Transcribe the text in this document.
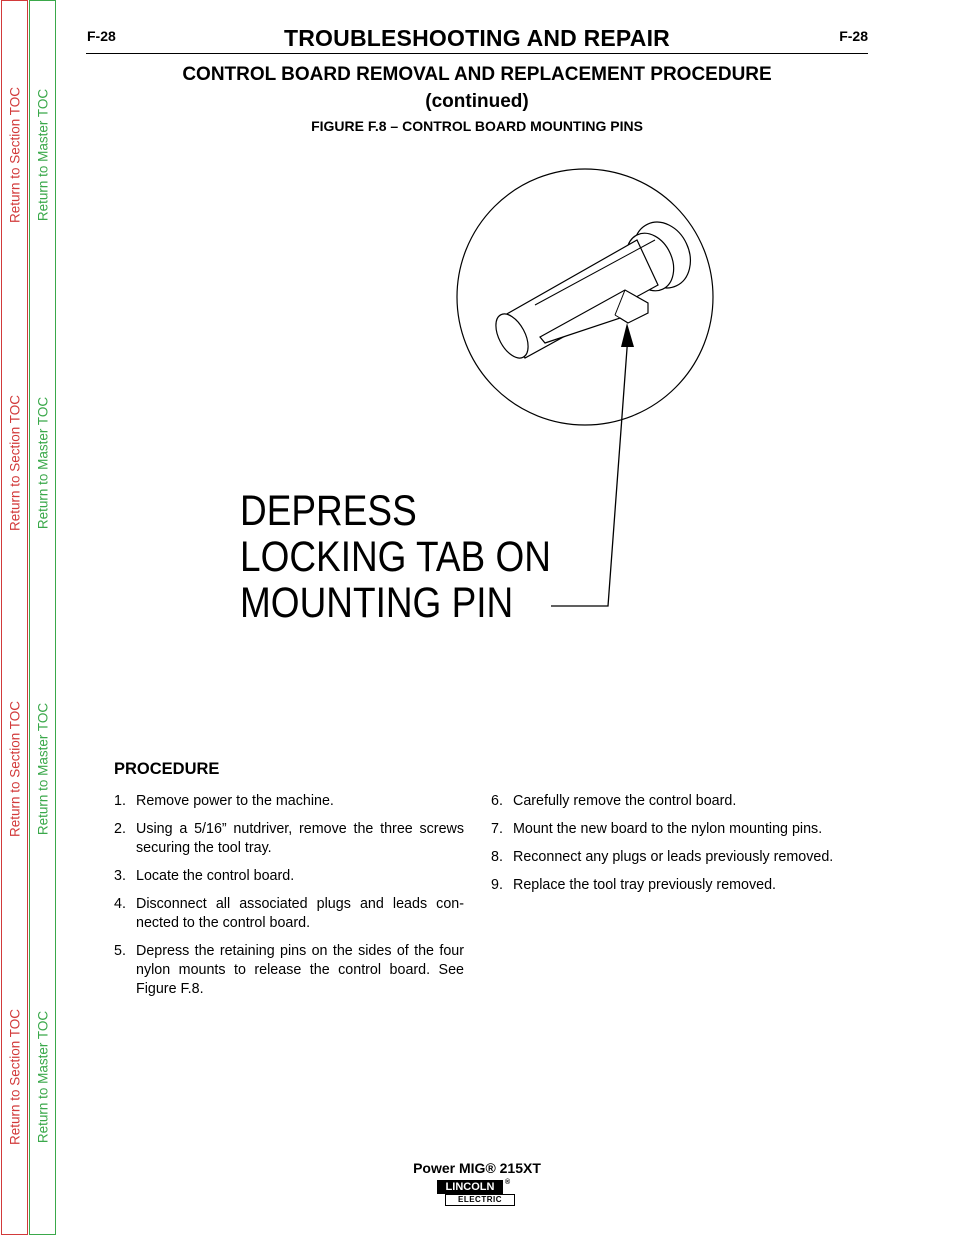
Return to Section TOC
Return to Section TOC
Return to Section TOC
Return to Section TOC
Return to Master TOC
Return to Master TOC
Return to Master TOC
Return to Master TOC
F-28	TROUBLESHOOTING AND REPAIR	F-28
CONTROL BOARD REMOVAL AND REPLACEMENT PROCEDURE
(continued)
FIGURE F.8 – CONTROL BOARD MOUNTING PINS
DEPRESS
LOCKING TAB ON
MOUNTING PIN
PROCEDURE
1. Remove power to the machine.
2. Using a 5/16” nutdriver, remove the three screws securing the tool tray.
3. Locate the control board.
4. Disconnect all associated plugs and leads con-nected to the control board.
5. Depress the retaining pins on the sides of the four nylon mounts to release the control board. See Figure F.8.
6. Carefully remove the control board.
7. Mount the new board to the nylon mounting pins.
8. Reconnect any plugs or leads previously removed.
9. Replace the tool tray previously removed.
Power MIG® 215XT
LINCOLN	®
ELECTRIC
